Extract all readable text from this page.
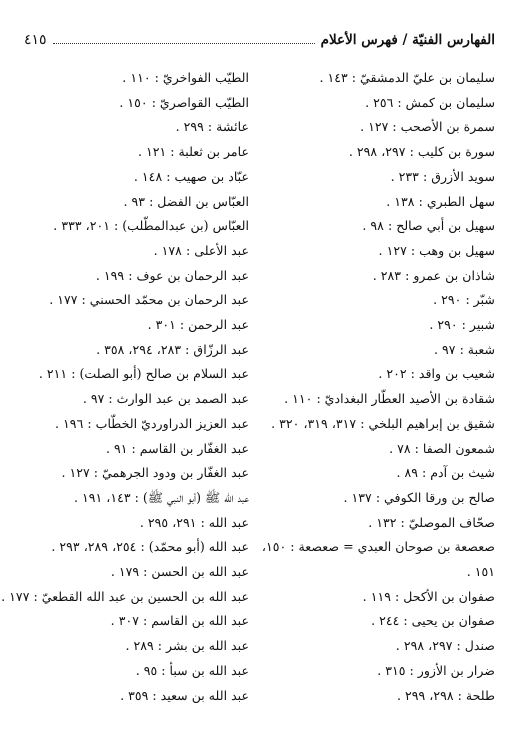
الفهارس الفنيّة / فهرس الأعلام
٤١٥
سليمان بن عليّ الدمشقيّ : ١٤٣ .
سليمان بن كمش : ٢٥٦ .
سمرة بن الأصحب : ١٢٧ .
سورة بن كليب : ٢٩٧، ٢٩٨ .
سويد الأزرق : ٢٣٣ .
سهل الطبري : ١٣٨ .
سهيل بن أبي صالح : ٩٨ .
سهيل بن وهب : ١٢٧ .
شاذان بن عمرو : ٢٨٣ .
شبّر : ٢٩٠ .
شبير : ٢٩٠ .
شعبة : ٩٧ .
شعيب بن واقد : ٢٠٢ .
شقادة بن الأصيد العطّار البغداديّ : ١١٠ .
شقيق بن إبراهيم البلخي : ٣١٧، ٣١٩، ٣٢٠ .
شمعون الصفا : ٧٨ .
شيث بن آدم : ٨٩ .
صالح بن ورقا الكوفي : ١٣٧ .
صحّاف الموصليّ : ١٣٢ .
صعصعة بن صوحان العبدي = صعصعة : ١٥٠، ١٥١ .
صفوان بن الأكحل : ١١٩ .
صفوان بن يحيى : ٢٤٤ .
صندل : ٢٩٧، ٢٩٨ .
ضرار بن الأزور : ٣١٥ .
طلحة : ٢٩٨، ٢٩٩ .
الطيّب الفواخريّ : ١١٠ .
الطيّب القواصريّ : ١٥٠ .
عائشة : ٢٩٩ .
عامر بن ثعلبة : ١٢١ .
عبّاد بن صهيب : ١٤٨ .
العبّاس بن الفضل : ٩٣ .
العبّاس (بن عبدالمطّلب) : ٢٠١، ٣٣٣ .
عبد الأعلى : ١٧٨ .
عبد الرحمان بن عوف : ١٩٩ .
عبد الرحمان بن محمّد الحسني : ١٧٧ .
عبد الرحمن : ٣٠١ .
عبد الرزّاق : ٢٨٣، ٢٩٤، ٣٥٨ .
عبد السلام بن صالح (أبو الصلت) : ٢١١ .
عبد الصمد بن عبد الوارث : ٩٧ .
عبد العزيز الدراورديّ الخطّاب : ١٩٦ .
عبد الغفّار بن القاسم : ٩١ .
عبد الغفّار بن ودود الجرهميّ : ١٢٧ .
عبد الله ﷺ (أبو النبي ﷺ) : ١٤٣، ١٩١ .
عبد الله : ٢٩١، ٢٩٥ .
عبد الله (أبو محمّد) : ٢٥٤، ٢٨٩، ٢٩٣ .
عبد الله بن الحسن : ١٧٩ .
عبد الله بن الحسين بن عبد الله القطعيّ : ١٧٧ .
عبد الله بن القاسم : ٣٠٧ .
عبد الله بن بشر : ٢٨٩ .
عبد الله بن سبأ : ٩٥ .
عبد الله بن سعيد : ٣٥٩ .
